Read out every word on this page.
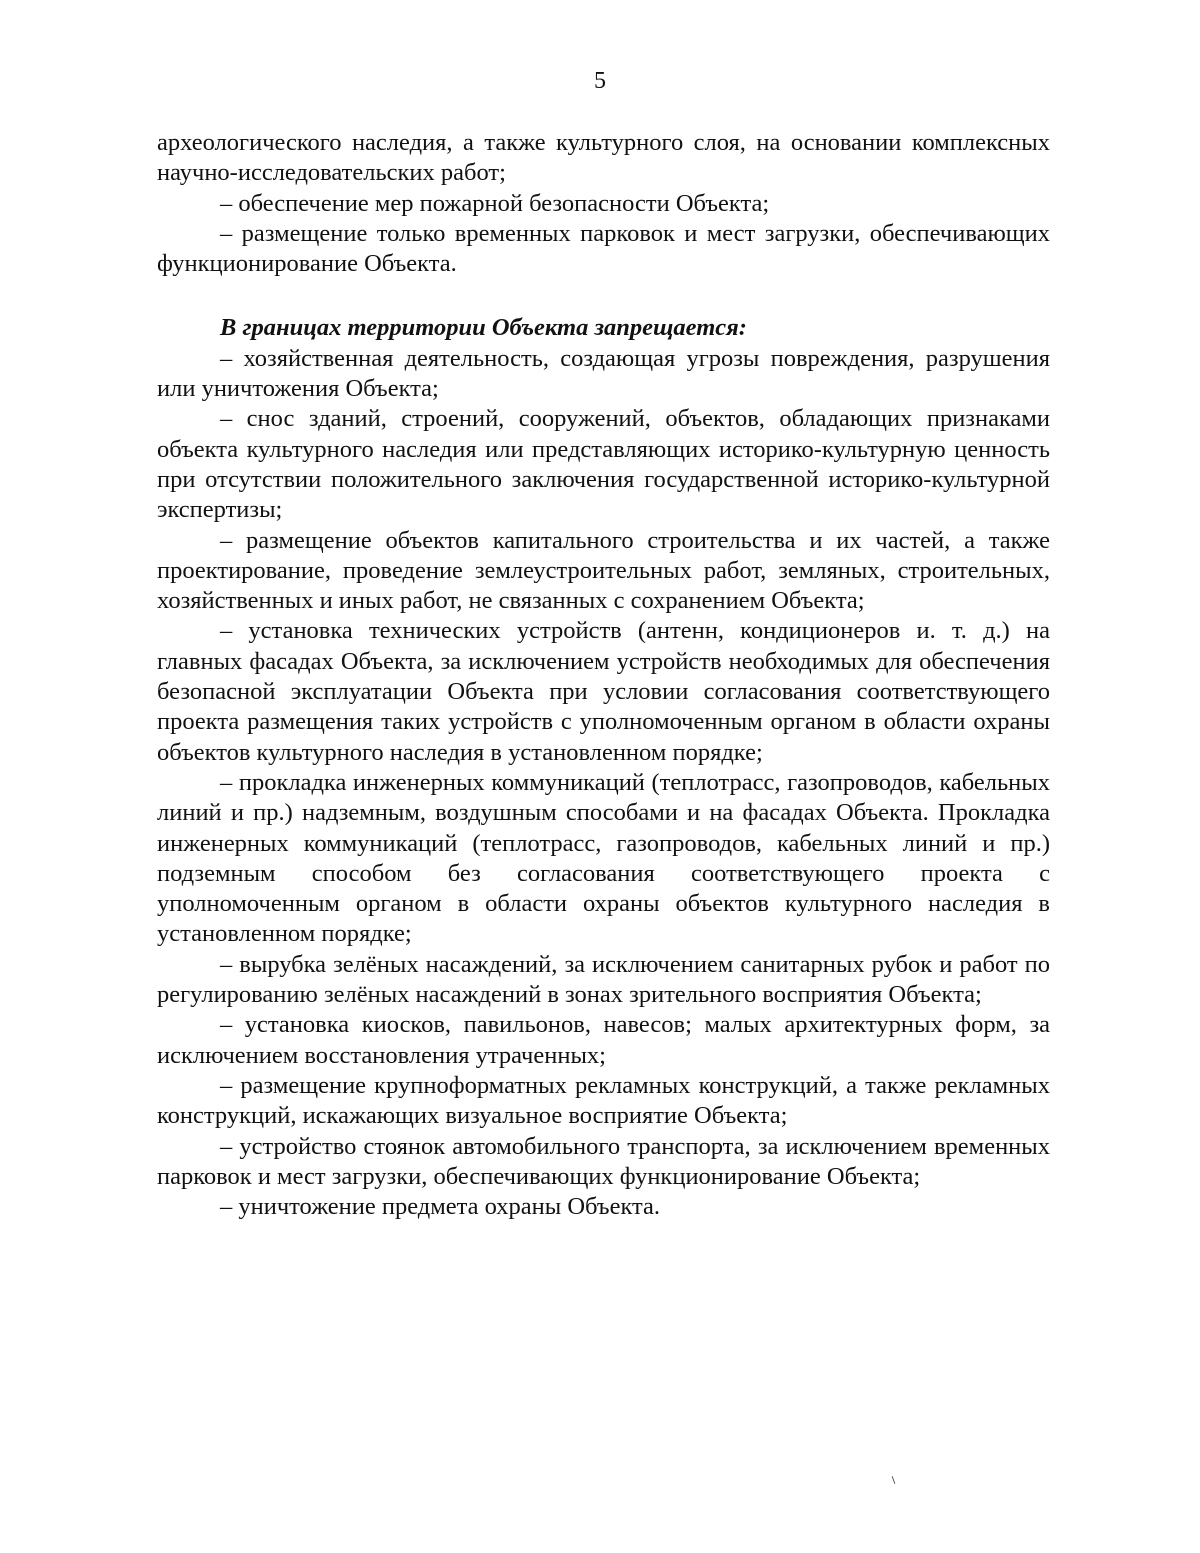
5

археологического наследия, а также культурного слоя, на основании комплексных научно-исследовательских работ;

– обеспечение мер пожарной безопасности Объекта;

– размещение только временных парковок и мест загрузки, обеспечивающих функционирование Объекта.

В границах территории Объекта запрещается:

– хозяйственная деятельность, создающая угрозы повреждения, разрушения или уничтожения Объекта;

– снос зданий, строений, сооружений, объектов, обладающих признаками объекта культурного наследия или представляющих историко-культурную ценность при отсутствии положительного заключения государственной историко-культурной экспертизы;

– размещение объектов капитального строительства и их частей, а также проектирование, проведение землеустроительных работ, земляных, строительных, хозяйственных и иных работ, не связанных с сохранением Объекта;

– установка технических устройств (антенн, кондиционеров и. т. д.) на главных фасадах Объекта, за исключением устройств необходимых для обеспечения безопасной эксплуатации Объекта при условии согласования соответствующего проекта размещения таких устройств с уполномоченным органом в области охраны объектов культурного наследия в установленном порядке;

– прокладка инженерных коммуникаций (теплотрасс, газопроводов, кабельных линий и пр.) надземным, воздушным способами и на фасадах Объекта. Прокладка инженерных коммуникаций (теплотрасс, газопроводов, кабельных линий и пр.) подземным способом без согласования соответствующего проекта с уполномоченным органом в области охраны объектов культурного наследия в установленном порядке;

– вырубка зелёных насаждений, за исключением санитарных рубок и работ по регулированию зелёных насаждений в зонах зрительного восприятия Объекта;

– установка киосков, павильонов, навесов; малых архитектурных форм, за исключением восстановления утраченных;

– размещение крупноформатных рекламных конструкций, а также рекламных конструкций, искажающих визуальное восприятие Объекта;

– устройство стоянок автомобильного транспорта, за исключением временных парковок и мест загрузки, обеспечивающих функционирование Объекта;

– уничтожение предмета охраны Объекта.
